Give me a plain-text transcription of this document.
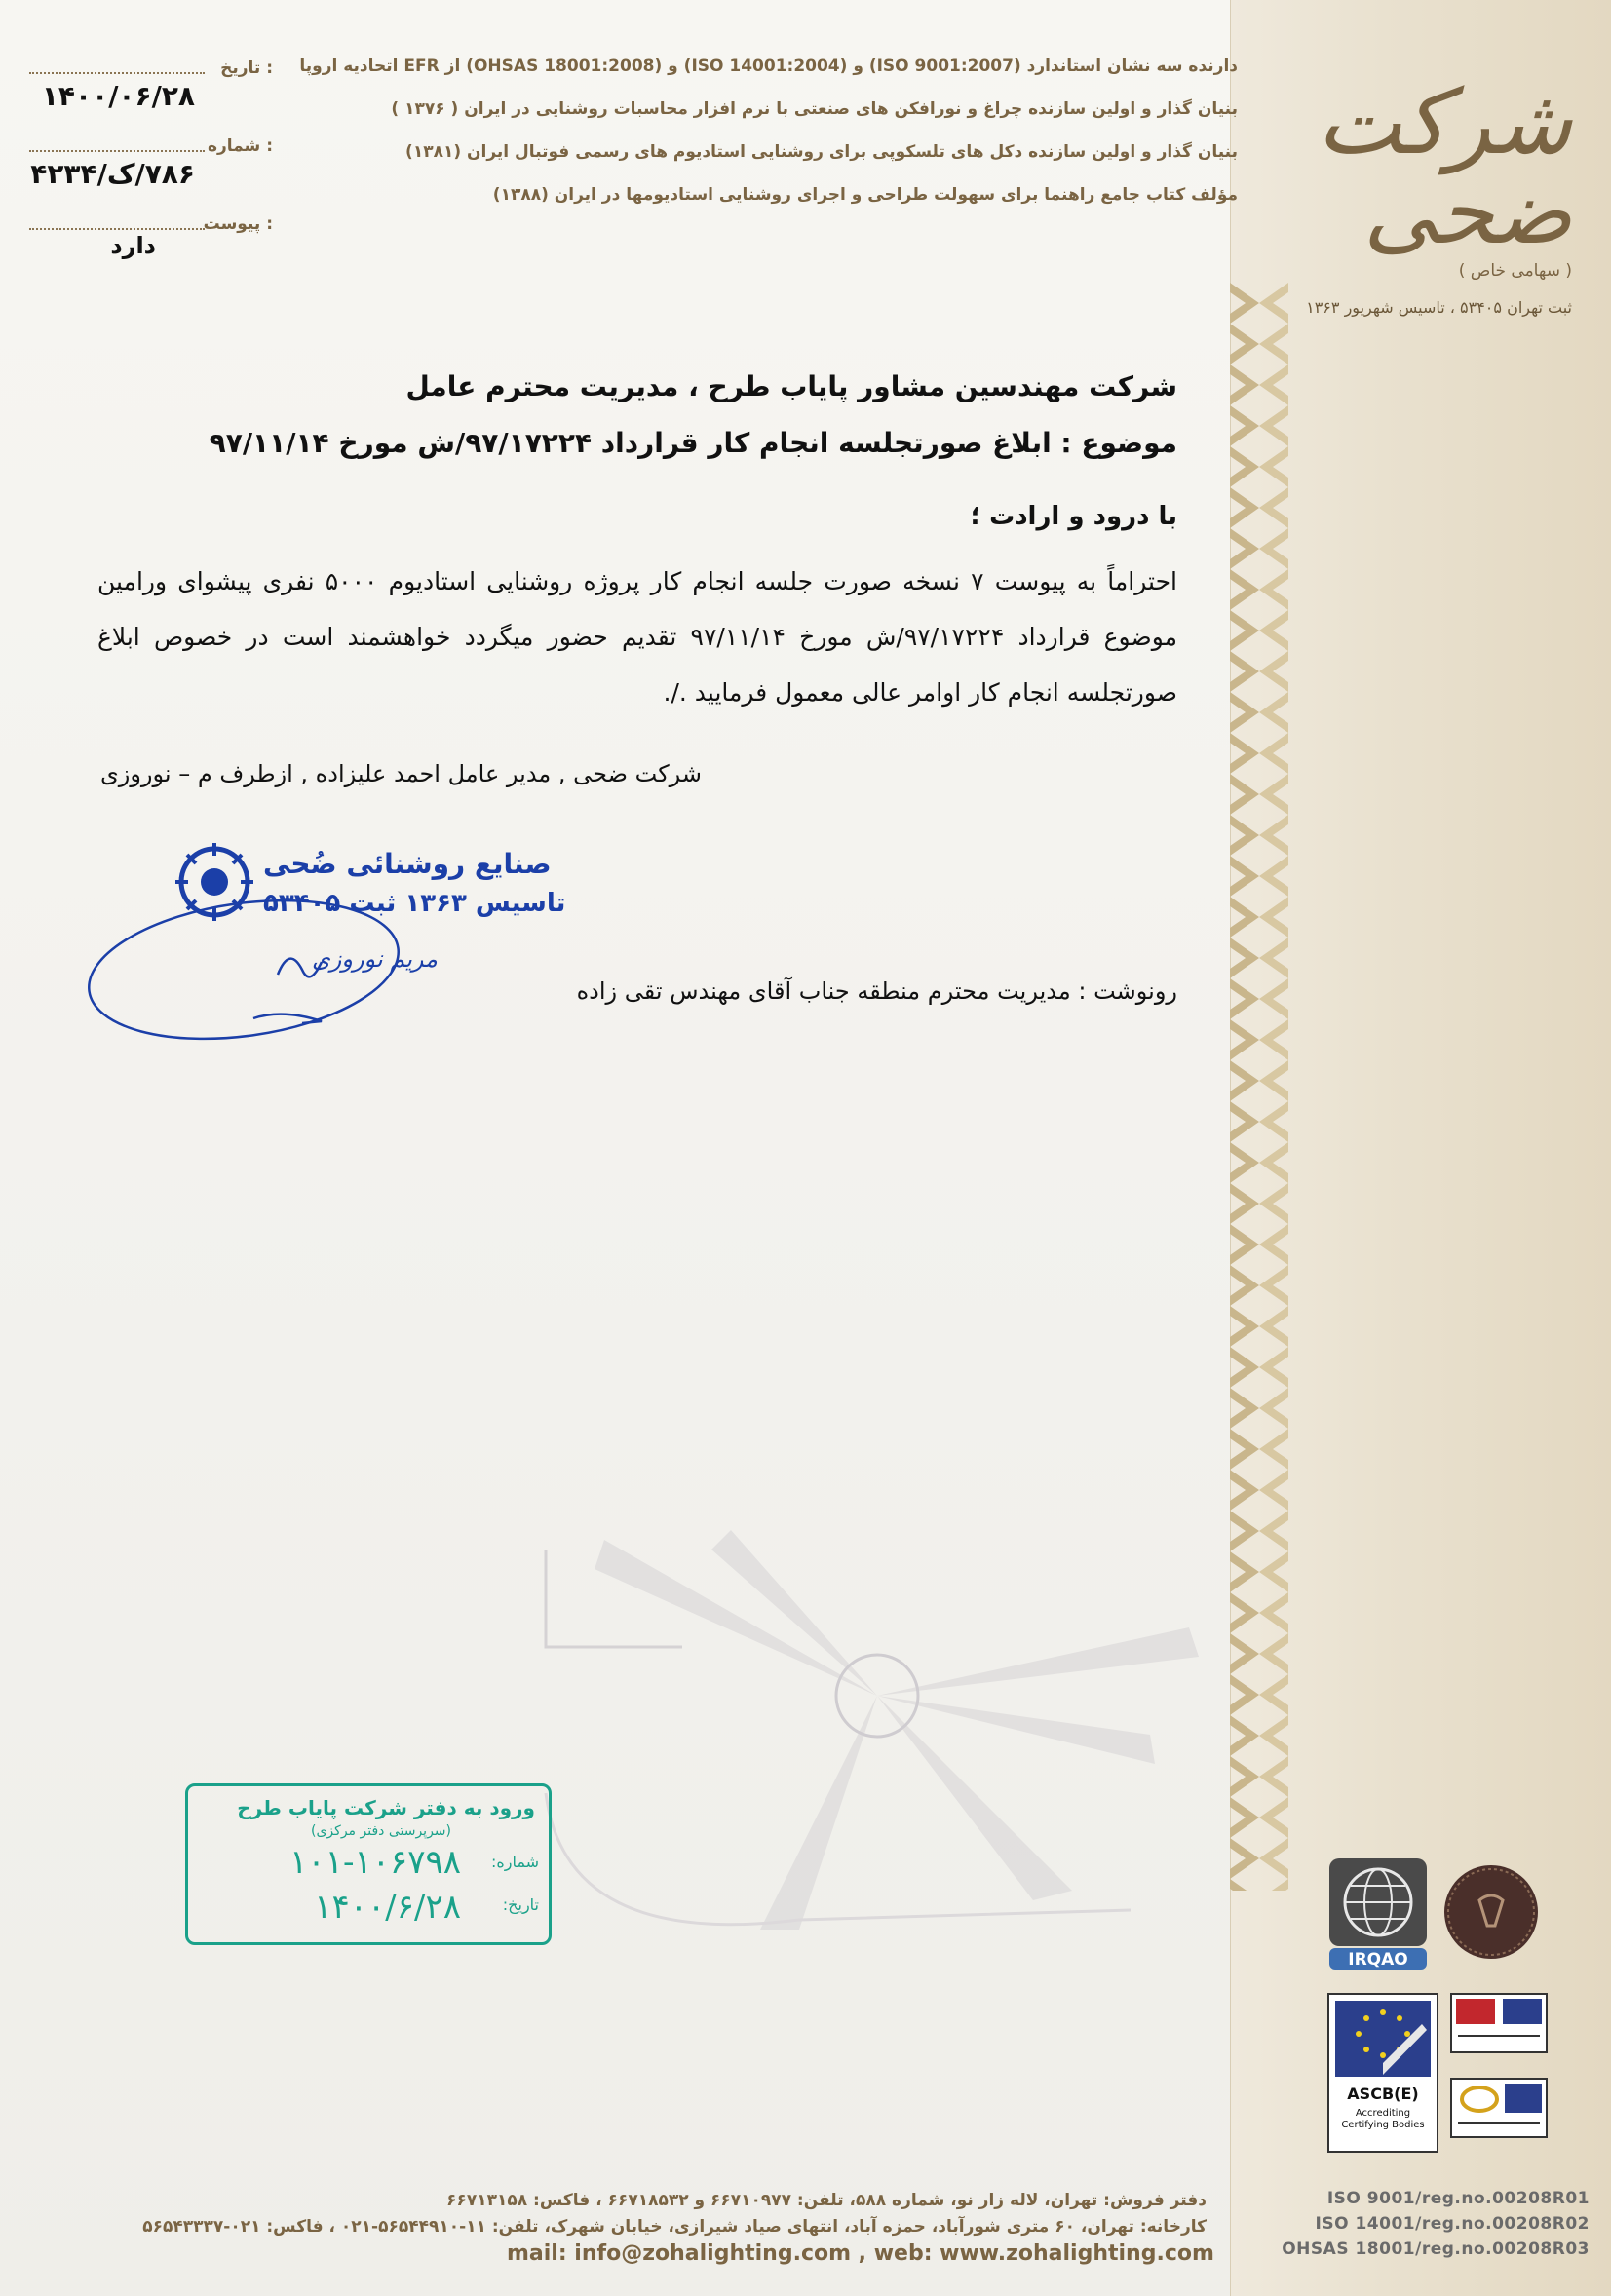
شرکت ضحی
( سهامی خاص )
ثبت تهران ۵۳۴۰۵ ، تاسیس شهریور ۱۳۶۳
دارنده سه نشان استاندارد (ISO 9001:2007) و (ISO 14001:2004) و (OHSAS 18001:2008) از EFR اتحادیه اروپا
بنیان گذار و اولین سازنده چراغ و نورافکن های صنعتی با نرم افزار محاسبات روشنایی در ایران ( ۱۳۷۶ )
بنیان گذار و اولین سازنده دکل های تلسکوپی برای روشنایی استادیوم های رسمی فوتبال ایران (۱۳۸۱)
مؤلف کتاب جامع راهنما برای سهولت طراحی و اجرای روشنایی استادیومها در ایران (۱۳۸۸)
: تاریخ
۱۴۰۰/۰۶/۲۸
: شماره
۷۸۶/ک/۴۲۳۴
: پیوست
دارد
شرکت مهندسین مشاور پایاب طرح ، مدیریت محترم عامل
موضوع : ابلاغ صورتجلسه انجام کار قرارداد ۹۷/۱۷۲۲۴/ش مورخ ۹۷/۱۱/۱۴
با درود و ارادت ؛
احتراماً به پیوست ۷ نسخه صورت جلسه انجام کار پروژه روشنایی استادیوم ۵۰۰۰ نفری پیشوای ورامین موضوع قرارداد ۹۷/۱۷۲۲۴/ش مورخ ۹۷/۱۱/۱۴ تقدیم حضور میگردد خواهشمند است در خصوص ابلاغ صورتجلسه انجام کار اوامر عالی معمول فرمایید ./.
شرکت ضحی , مدیر عامل احمد علیزاده , ازطرف م – نوروزی
رونوشت : مدیریت محترم منطقه جناب آقای مهندس تقی زاده
صنایع روشنائی ضُحی
تاسیس ۱۳۶۳ ثبت ۵۳۴۰۵
مریم نوروزی
ورود به دفتر شرکت پایاب طرح
(سرپرستی دفتر مرکزی)
شماره:
۱۰۱-۱۰۶۷۹۸
تاریخ:
۱۴۰۰/۶/۲۸
IRQAO
ASCB(E)
Accrediting Certifying Bodies
ISO 9001/reg.no.00208R01
ISO 14001/reg.no.00208R02
OHSAS 18001/reg.no.00208R03
دفتر فروش: تهران، لاله زار نو، شماره ۵۸۸، تلفن: ۶۶۷۱۰۹۷۷ و ۶۶۷۱۸۵۳۲ ، فاکس: ۶۶۷۱۳۱۵۸
کارخانه: تهران، ۶۰ متری شورآباد، حمزه آباد، انتهای صیاد شیرازی، خیابان شهرک، تلفن: ۱۱-۵۶۵۴۴۹۱۰-۰۲۱ ، فاکس: ۰۲۱-۵۶۵۴۳۳۳۷
mail: info@zohalighting.com , web: www.zohalighting.com
